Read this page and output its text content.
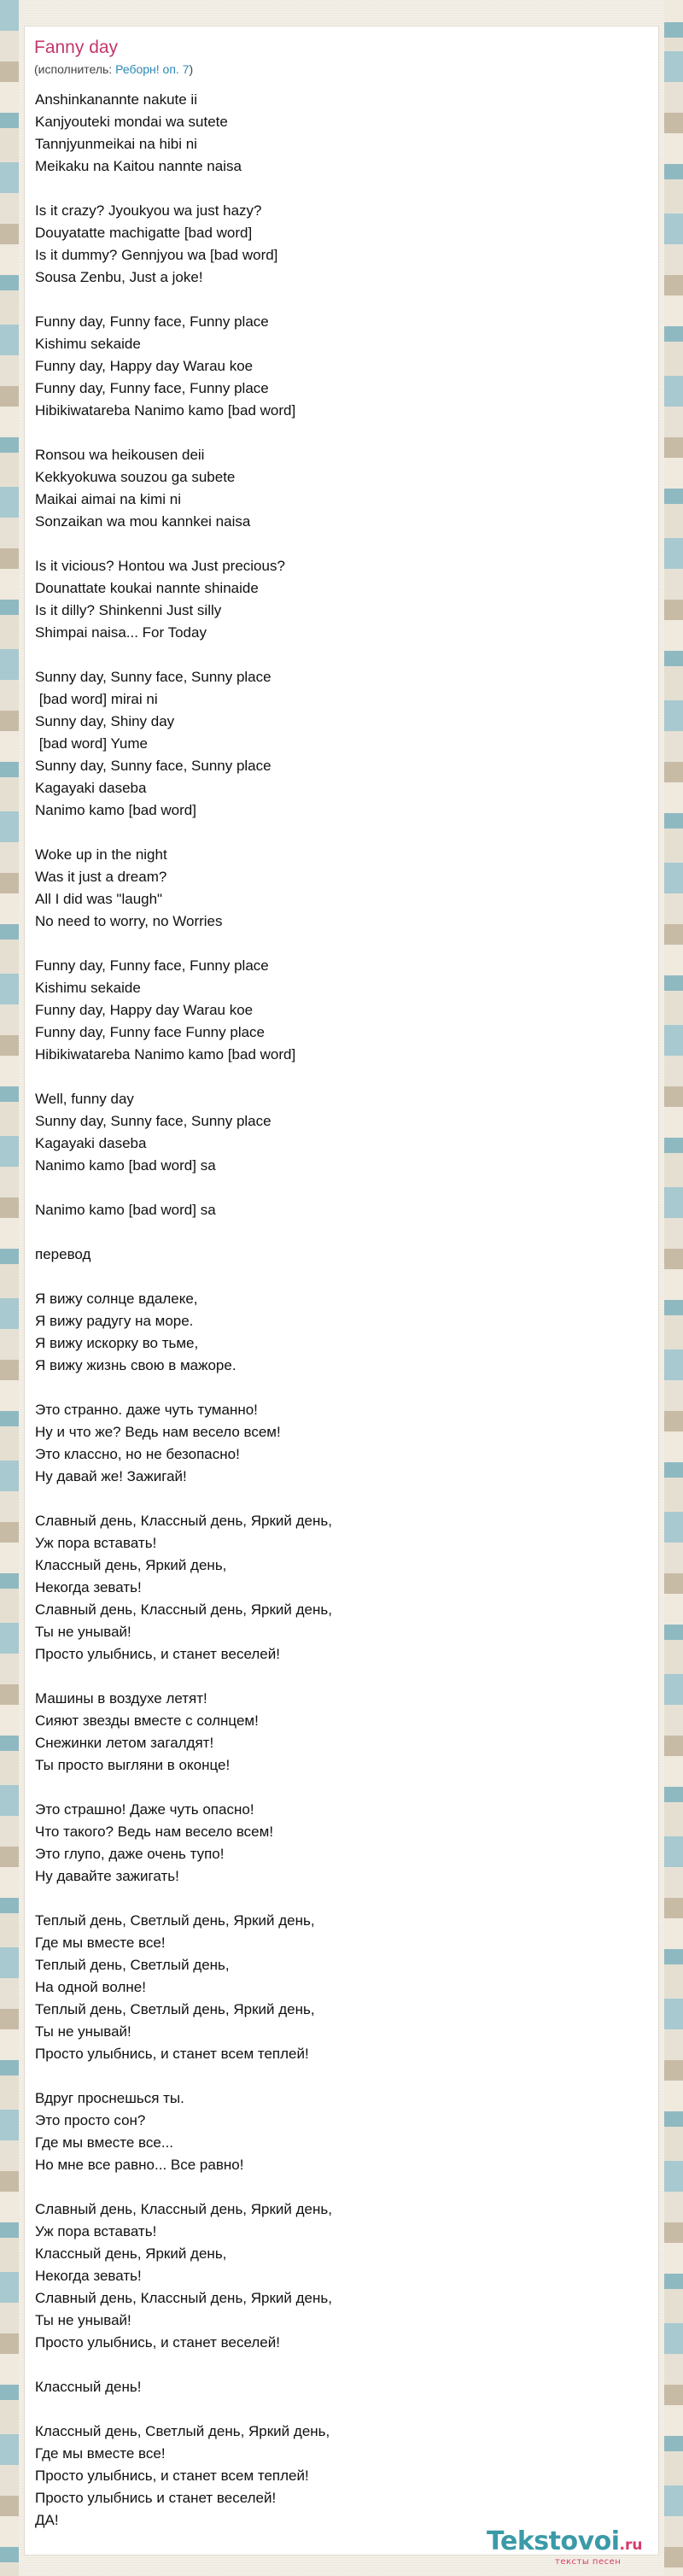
Fanny day
(исполнитель: Реборн! оп. 7)
Anshinkanannte nakute ii
Kanjyouteki mondai wa sutete
Tannjyunmeikai na hibi ni
Meikaku na Kaitou nannte naisa
Is it crazy? Jyoukyou wa just hazy?
Douyatatte machigatte [bad word]
Is it dummy? Gennjyou wa [bad word]
Sousa Zenbu, Just a joke!
Funny day, Funny face, Funny place
Kishimu sekaide
Funny day, Happy day Warau koe
Funny day, Funny face, Funny place
Hibikiwatareba Nanimo kamo [bad word]
Ronsou wa heikousen deii
Kekkyokuwa souzou ga subete
Maikai aimai na kimi ni
Sonzaikan wa mou kannkei naisa
Is it vicious? Hontou wa Just precious?
Dounattate koukai nannte shinaide
Is it dilly? Shinkenni Just silly
Shimpai naisa... For Today
Sunny day, Sunny face, Sunny place
[bad word] mirai ni
Sunny day, Shiny day
[bad word] Yume
Sunny day, Sunny face, Sunny place
Kagayaki daseba
Nanimo kamo [bad word]
Woke up in the night
Was it just a dream?
All I did was "laugh"
No need to worry, no Worries
Funny day, Funny face, Funny place
Kishimu sekaide
Funny day, Happy day Warau koe
Funny day, Funny face Funny place
Hibikiwatareba Nanimo kamo [bad word]
Well, funny day
Sunny day, Sunny face, Sunny place
Kagayaki daseba
Nanimo kamo [bad word] sa
Nanimo kamo [bad word] sa
перевод
Я вижу солнце вдалеке,
Я вижу радугу на море.
Я вижу искорку во тьме,
Я вижу жизнь свою в мажоре.
Это странно. даже чуть туманно!
Ну и что же? Ведь нам весело всем!
Это классно, но не безопасно!
Ну давай же! Зажигай!
Славный день, Классный день, Яркий день,
Уж пора вставать!
Классный день, Яркий день,
Некогда зевать!
Славный день, Классный день, Яркий день,
Ты не унывай!
Просто улыбнись, и станет веселей!
Машины в воздухе летят!
Сияют звезды вместе с солнцем!
Снежинки летом загалдят!
Ты просто выгляни в оконце!
Это страшно! Даже чуть опасно!
Что такого? Ведь нам весело всем!
Это глупо, даже очень тупо!
Ну давайте зажигать!
Теплый день, Светлый день, Яркий день,
Где мы вместе все!
Теплый день, Светлый день,
На одной волне!
Теплый день, Светлый день, Яркий день,
Ты не унывай!
Просто улыбнись, и станет всем теплей!
Вдруг проснешься ты.
Это просто сон?
Где мы вместе все...
Но мне все равно... Все равно!
Славный день, Классный день, Яркий день,
Уж пора вставать!
Классный день, Яркий день,
Некогда зевать!
Славный день, Классный день, Яркий день,
Ты не унывай!
Просто улыбнись, и станет веселей!
Классный день!
Классный день, Светлый день, Яркий день,
Где мы вместе все!
Просто улыбнись, и станет всем теплей!
Просто улыбнись и станет веселей!
ДА!
Tekstovoi.ru
тексты песен
